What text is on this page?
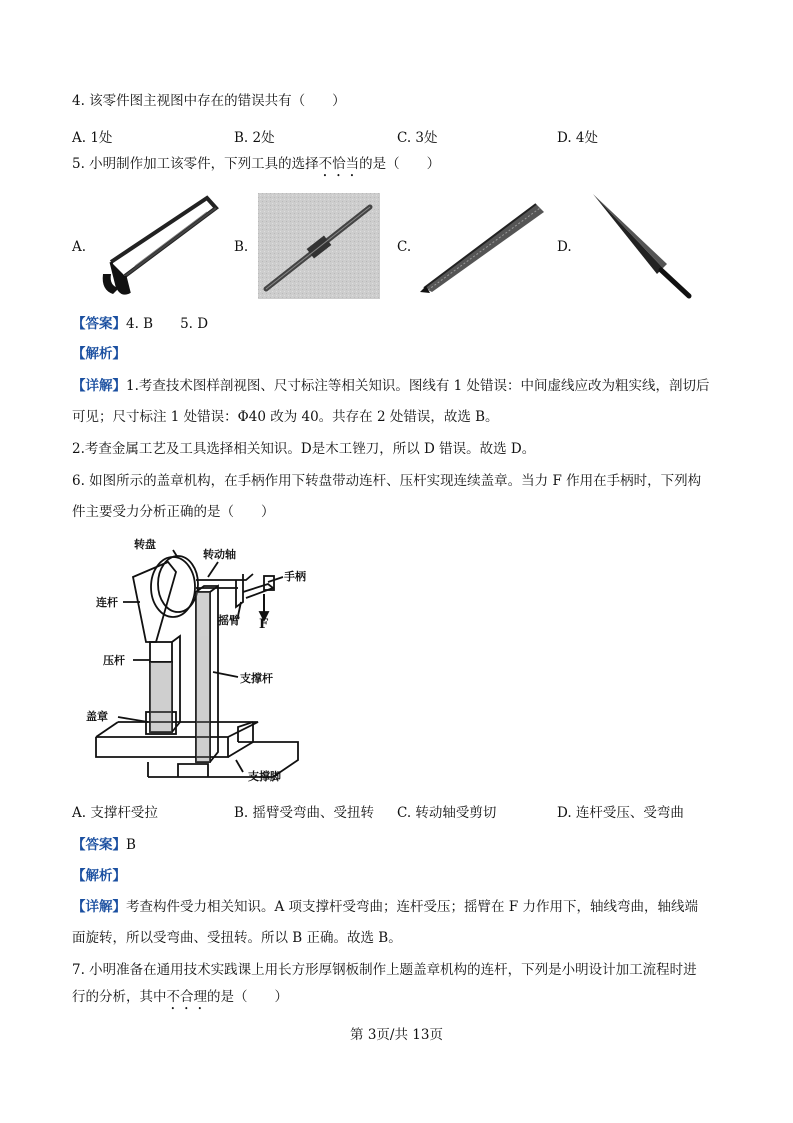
4. 该零件图主视图中存在的错误共有（　　）
A. 1处	B. 2处	C. 3处	D. 4处
5. 小明制作加工该零件，下列工具的选择不恰当的是（　　）
A.	B.	C.	D.
【答案】4. B　　5. D
【解析】
【详解】1.考查技术图样剖视图、尺寸标注等相关知识。图线有 1 处错误：中间虚线应改为粗实线，剖切后
可见；尺寸标注 1 处错误：Φ40 改为 40。共存在 2 处错误，故选 B。
2.考查金属工艺及工具选择相关知识。D是木工锉刀，所以 D 错误。故选 D。
6. 如图所示的盖章机构，在手柄作用下转盘带动连杆、压杆实现连续盖章。当力 F 作用在手柄时，下列构
件主要受力分析正确的是（　　）
转盘
转动轴
手柄
连杆
摇臂 F
压杆
支撑杆
盖章
支撑脚
A. 支撑杆受拉	B. 摇臂受弯曲、受扭转 C. 转动轴受剪切	D. 连杆受压、受弯曲
【答案】B
【解析】
【详解】考查构件受力相关知识。A 项支撑杆受弯曲；连杆受压；摇臂在 F 力作用下，轴线弯曲，轴线端
面旋转，所以受弯曲、受扭转。所以 B 正确。故选 B。
7. 小明准备在通用技术实践课上用长方形厚钢板制作上题盖章机构的连杆，下列是小明设计加工流程时进
行的分析，其中不合理的是（　　）
第 3页/共 13页
